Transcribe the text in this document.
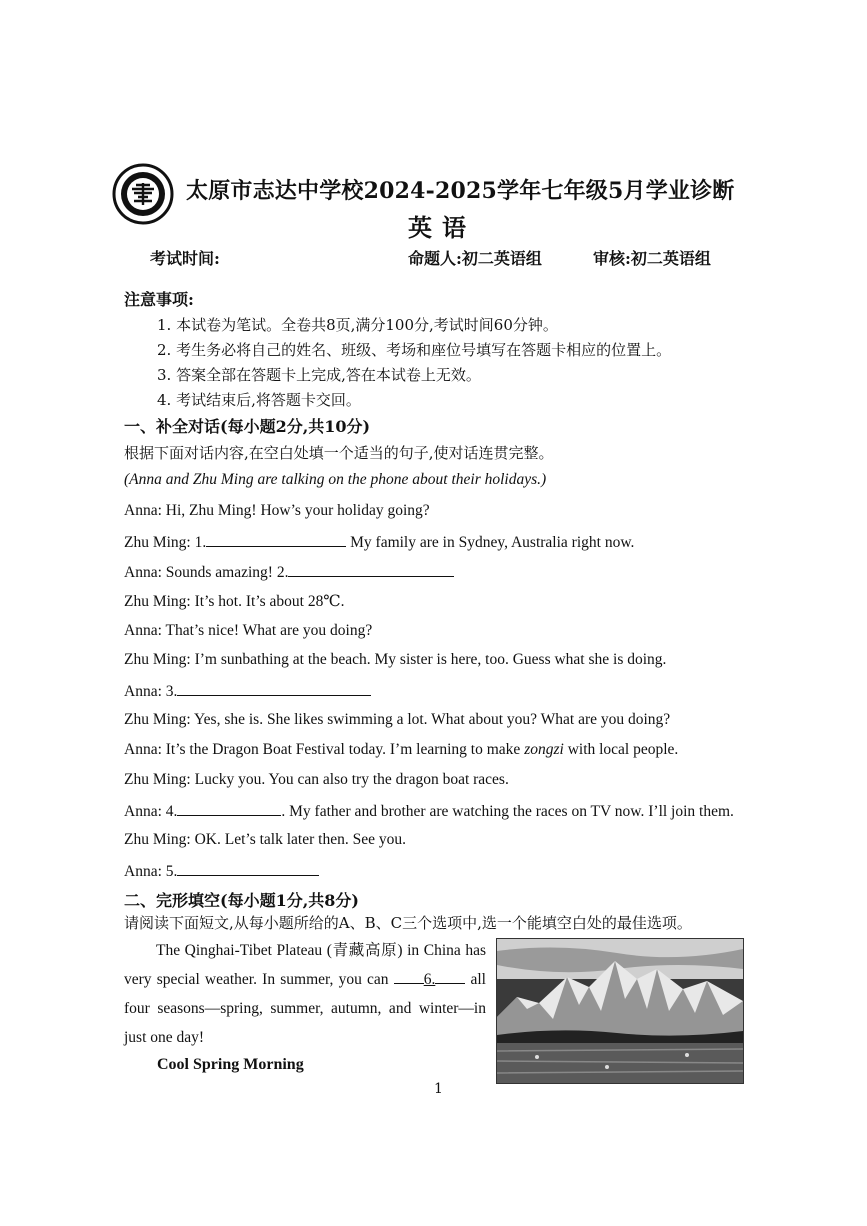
太原市志达中学校2024-2025学年七年级5月学业诊断
英语
考试时间:	命题人:初二英语组	审核:初二英语组
注意事项:
1. 本试卷为笔试。全卷共8页,满分100分,考试时间60分钟。
2. 考生务必将自己的姓名、班级、考场和座位号填写在答题卡相应的位置上。
3. 答案全部在答题卡上完成,答在本试卷上无效。
4. 考试结束后,将答题卡交回。
一、补全对话(每小题2分,共10分)
根据下面对话内容,在空白处填一个适当的句子,使对话连贯完整。
(Anna and Zhu Ming are talking on the phone about their holidays.)
Anna: Hi, Zhu Ming! How’s your holiday going?
Zhu Ming: 1.	My family are in Sydney, Australia right now.
Anna: Sounds amazing! 2.
Zhu Ming: It’s hot. It’s about 28℃.
Anna: That’s nice! What are you doing?
Zhu Ming: I’m sunbathing at the beach. My sister is here, too. Guess what she is doing.
Anna: 3.
Zhu Ming: Yes, she is. She likes swimming a lot. What about you? What are you doing?
Anna: It’s the Dragon Boat Festival today. I’m learning to make zongzi with local people.
Zhu Ming: Lucky you. You can also try the dragon boat races.
Anna: 4.	. My father and brother are watching the races on TV now. I’ll join them.
Zhu Ming: OK. Let’s talk later then. See you.
Anna: 5.
二、完形填空(每小题1分,共8分)
请阅读下面短文,从每小题所给的A、B、C三个选项中,选一个能填空白处的最佳选项。
The Qinghai-Tibet Plateau (青藏高原) in China has very special weather. In summer, you can 6. all four seasons—spring, summer, autumn, and winter—in just one day!
Cool Spring Morning
1
